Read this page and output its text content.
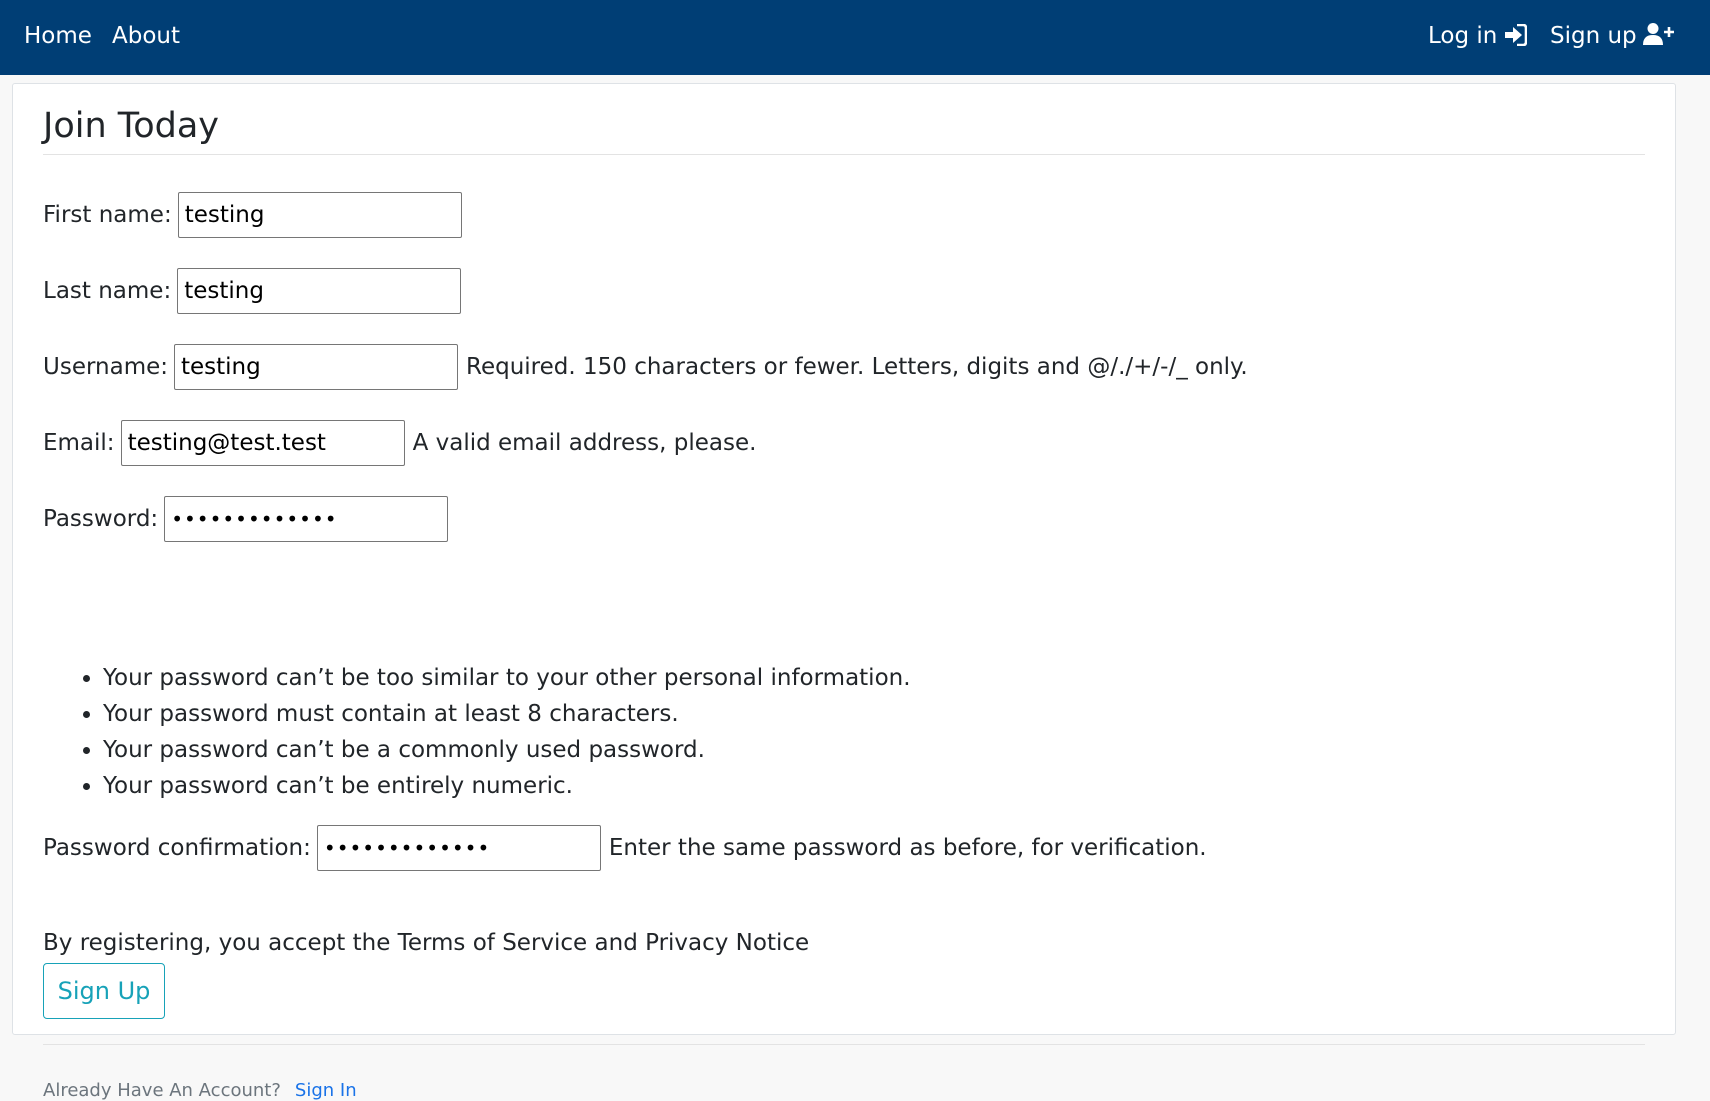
Home About	Log in	Sign up
Join Today
First name: testing
Last name: testing
Username: testing	Required. 150 characters or fewer. Letters, digits and @/./+/-/_ only.
Email: testing@test.test	A valid email address, please.
Password: •••••••••••••
• Your password can’t be too similar to your other personal information.
• Your password must contain at least 8 characters.
• Your password can’t be a commonly used password.
• Your password can’t be entirely numeric.
Password confirmation: •••••••••••••	Enter the same password as before, for verification.
By registering, you accept the Terms of Service and Privacy Notice
Sign Up
Already Have An Account? Sign In
